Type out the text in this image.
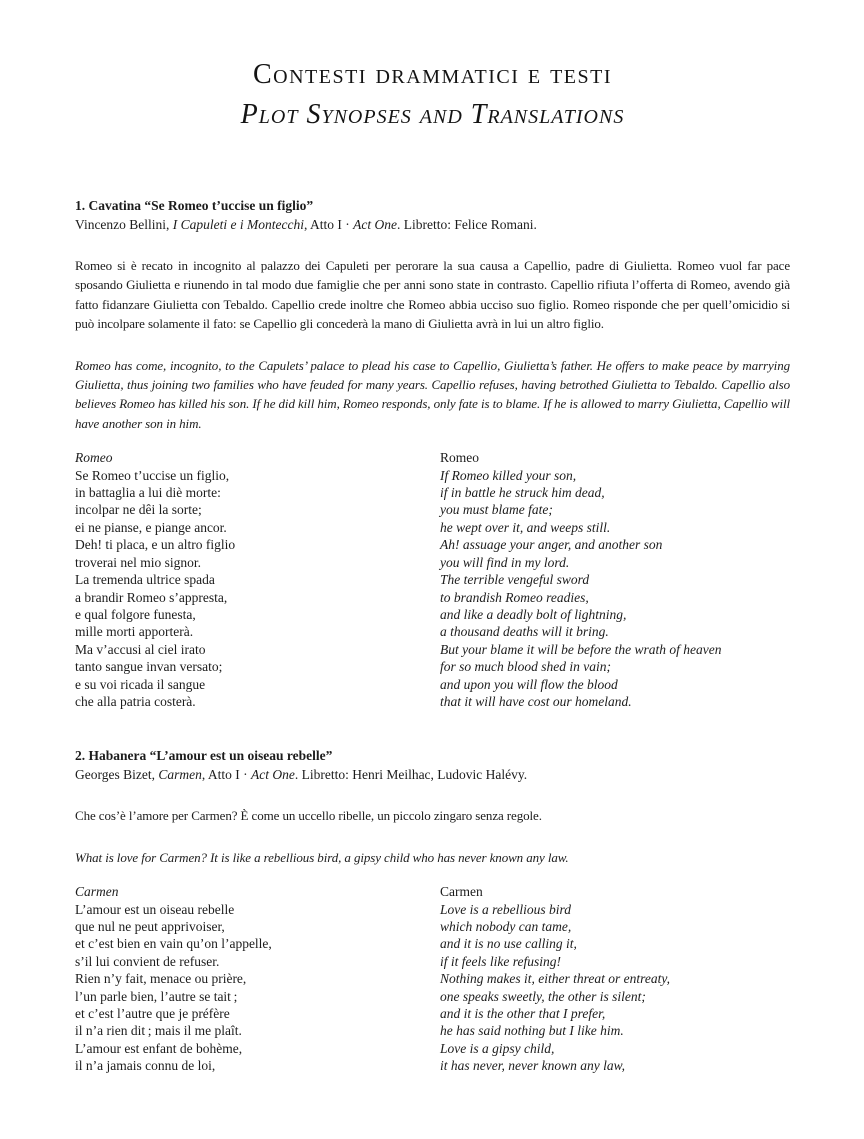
Contesti drammatici e testi
Plot Synopses and Translations
1. Cavatina “Se Romeo t’uccise un figlio”

Vincenzo Bellini, I Capuleti e i Montecchi, Atto I · Act One. Libretto: Felice Romani.

Romeo si è recato in incognito al palazzo dei Capuleti per perorare la sua causa a Capellio, padre di Giulietta. Romeo vuol far pace sposando Giulietta e riunendo in tal modo due famiglie che per anni sono state in contrasto. Capellio rifiuta l’offerta di Romeo, avendo già fatto fidanzare Giulietta con Tebaldo. Capellio crede inoltre che Romeo abbia ucciso suo figlio. Romeo risponde che per quell’omicidio si può incolpare solamente il fato: se Capellio gli concederà la mano di Giulietta avrà in lui un altro figlio.

Romeo has come, incognito, to the Capulets’ palace to plead his case to Capellio, Giulietta’s father. He offers to make peace by marrying Giulietta, thus joining two families who have feuded for many years. Capellio refuses, having betrothed Giulietta to Tebaldo. Capellio also believes Romeo has killed his son. If he did kill him, Romeo responds, only fate is to blame. If he is allowed to marry Giulietta, Capellio will have another son in him.

Romeo
Se Romeo t’uccise un figlio,
in battaglia a lui diè morte:
incolpar ne dêi la sorte;
ei ne pianse, e piange ancor.
Deh! ti placa, e un altro figlio
troverai nel mio signor.
La tremenda ultrice spada
a brandir Romeo s’appresta,
e qual folgore funesta,
mille morti apporterà.
Ma v’accusi al ciel irato
tanto sangue invan versato;
e su voi ricada il sangue
che alla patria costerà.
Romeo
If Romeo killed your son,
if in battle he struck him dead,
you must blame fate;
he wept over it, and weeps still.
Ah! assuage your anger, and another son
you will find in my lord.
The terrible vengeful sword
to brandish Romeo readies,
and like a deadly bolt of lightning,
a thousand deaths will it bring.
But your blame it will be before the wrath of heaven
for so much blood shed in vain;
and upon you will flow the blood
that it will have cost our homeland.
2. Habanera “L’amour est un oiseau rebelle”

Georges Bizet, Carmen, Atto I · Act One. Libretto: Henri Meilhac, Ludovic Halévy.

Che cos’è l’amore per Carmen? È come un uccello ribelle, un piccolo zingaro senza regole.

What is love for Carmen? It is like a rebellious bird, a gipsy child who has never known any law.

Carmen
L’amour est un oiseau rebelle
que nul ne peut apprivoiser,
et c’est bien en vain qu’on l’appelle,
s’il lui convient de refuser.
Rien n’y fait, menace ou prière,
l’un parle bien, l’autre se tait ;
et c’est l’autre que je préfère
il n’a rien dit ; mais il me plaît.
L’amour est enfant de bohème,
il n’a jamais connu de loi,
Carmen
Love is a rebellious bird
which nobody can tame,
and it is no use calling it,
if it feels like refusing!
Nothing makes it, either threat or entreaty,
one speaks sweetly, the other is silent;
and it is the other that I prefer,
he has said nothing but I like him.
Love is a gipsy child,
it has never, never known any law,
